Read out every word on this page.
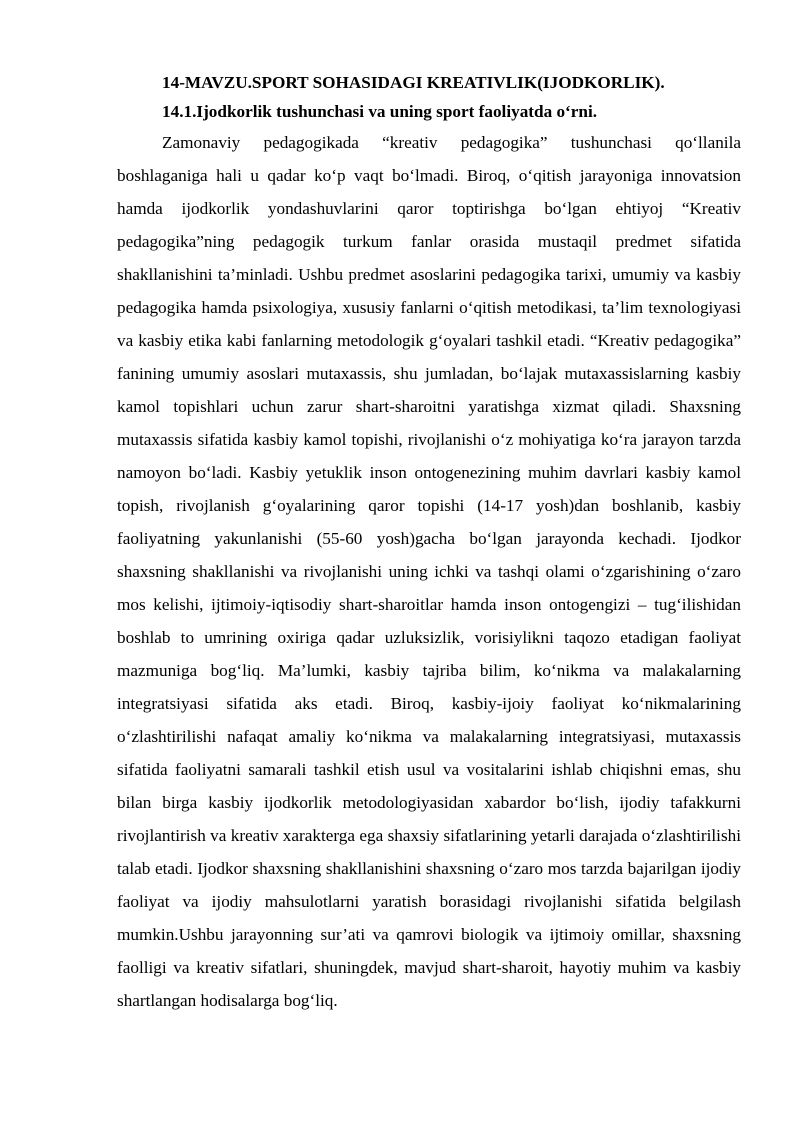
14-MAVZU.SPORT SOHASIDAGI KREATIVLIK(IJODKORLIK).

14.1.Ijodkorlik tushunchasi va uning sport faoliyatda o‘rni.

Zamonaviy pedagogikada “kreativ pedagogika” tushunchasi qo‘llanila boshlaganiga hali u qadar ko‘p vaqt bo‘lmadi. Biroq, o‘qitish jarayoniga innovatsion hamda ijodkorlik yondashuvlarini qaror toptirishga bo‘lgan ehtiyoj “Kreativ pedagogika”ning pedagogik turkum fanlar orasida mustaqil predmet sifatida shakllanishini ta’minladi. Ushbu predmet asoslarini pedagogika tarixi, umumiy va kasbiy pedagogika hamda psixologiya, xususiy fanlarni o‘qitish metodikasi, ta’lim texnologiyasi va kasbiy etika kabi fanlarning metodologik g‘oyalari tashkil etadi. “Kreativ pedagogika” fanining umumiy asoslari mutaxassis, shu jumladan, bo‘lajak mutaxassislarning kasbiy kamol topishlari uchun zarur shart-sharoitni yaratishga xizmat qiladi. Shaxsning mutaxassis sifatida kasbiy kamol topishi, rivojlanishi o‘z mohiyatiga ko‘ra jarayon tarzda namoyon bo‘ladi. Kasbiy yetuklik inson ontogenezining muhim davrlari kasbiy kamol topish, rivojlanish g‘oyalarining qaror topishi (14-17 yosh)dan boshlanib, kasbiy faoliyatning yakunlanishi (55-60 yosh)gacha bo‘lgan jarayonda kechadi. Ijodkor shaxsning shakllanishi va rivojlanishi uning ichki va tashqi olami o‘zgarishining o‘zaro mos kelishi, ijtimoiy-iqtisodiy shart-sharoitlar hamda inson ontogengizi – tug‘ilishidan boshlab to umrining oxiriga qadar uzluksizlik, vorisiylikni taqozo etadigan faoliyat mazmuniga bog‘liq. Ma’lumki, kasbiy tajriba bilim, ko‘nikma va malakalarning integratsiyasi sifatida aks etadi. Biroq, kasbiy-ijoiy faoliyat ko‘nikmalarining o‘zlashtirilishi nafaqat amaliy ko‘nikma va malakalarning integratsiyasi, mutaxassis sifatida faoliyatni samarali tashkil etish usul va vositalarini ishlab chiqishni emas, shu bilan birga kasbiy ijodkorlik metodologiyasidan xabardor bo‘lish, ijodiy tafakkurni rivojlantirish va kreativ xarakterga ega shaxsiy sifatlarining yetarli darajada o‘zlashtirilishi talab etadi. Ijodkor shaxsning shakllanishini shaxsning o‘zaro mos tarzda bajarilgan ijodiy faoliyat va ijodiy mahsulotlarni yaratish borasidagi rivojlanishi sifatida belgilash mumkin.Ushbu jarayonning sur’ati va qamrovi biologik va ijtimoiy omillar, shaxsning faolligi va kreativ sifatlari, shuningdek, mavjud shart-sharoit, hayotiy muhim va kasbiy shartlangan hodisalarga bog‘liq.
